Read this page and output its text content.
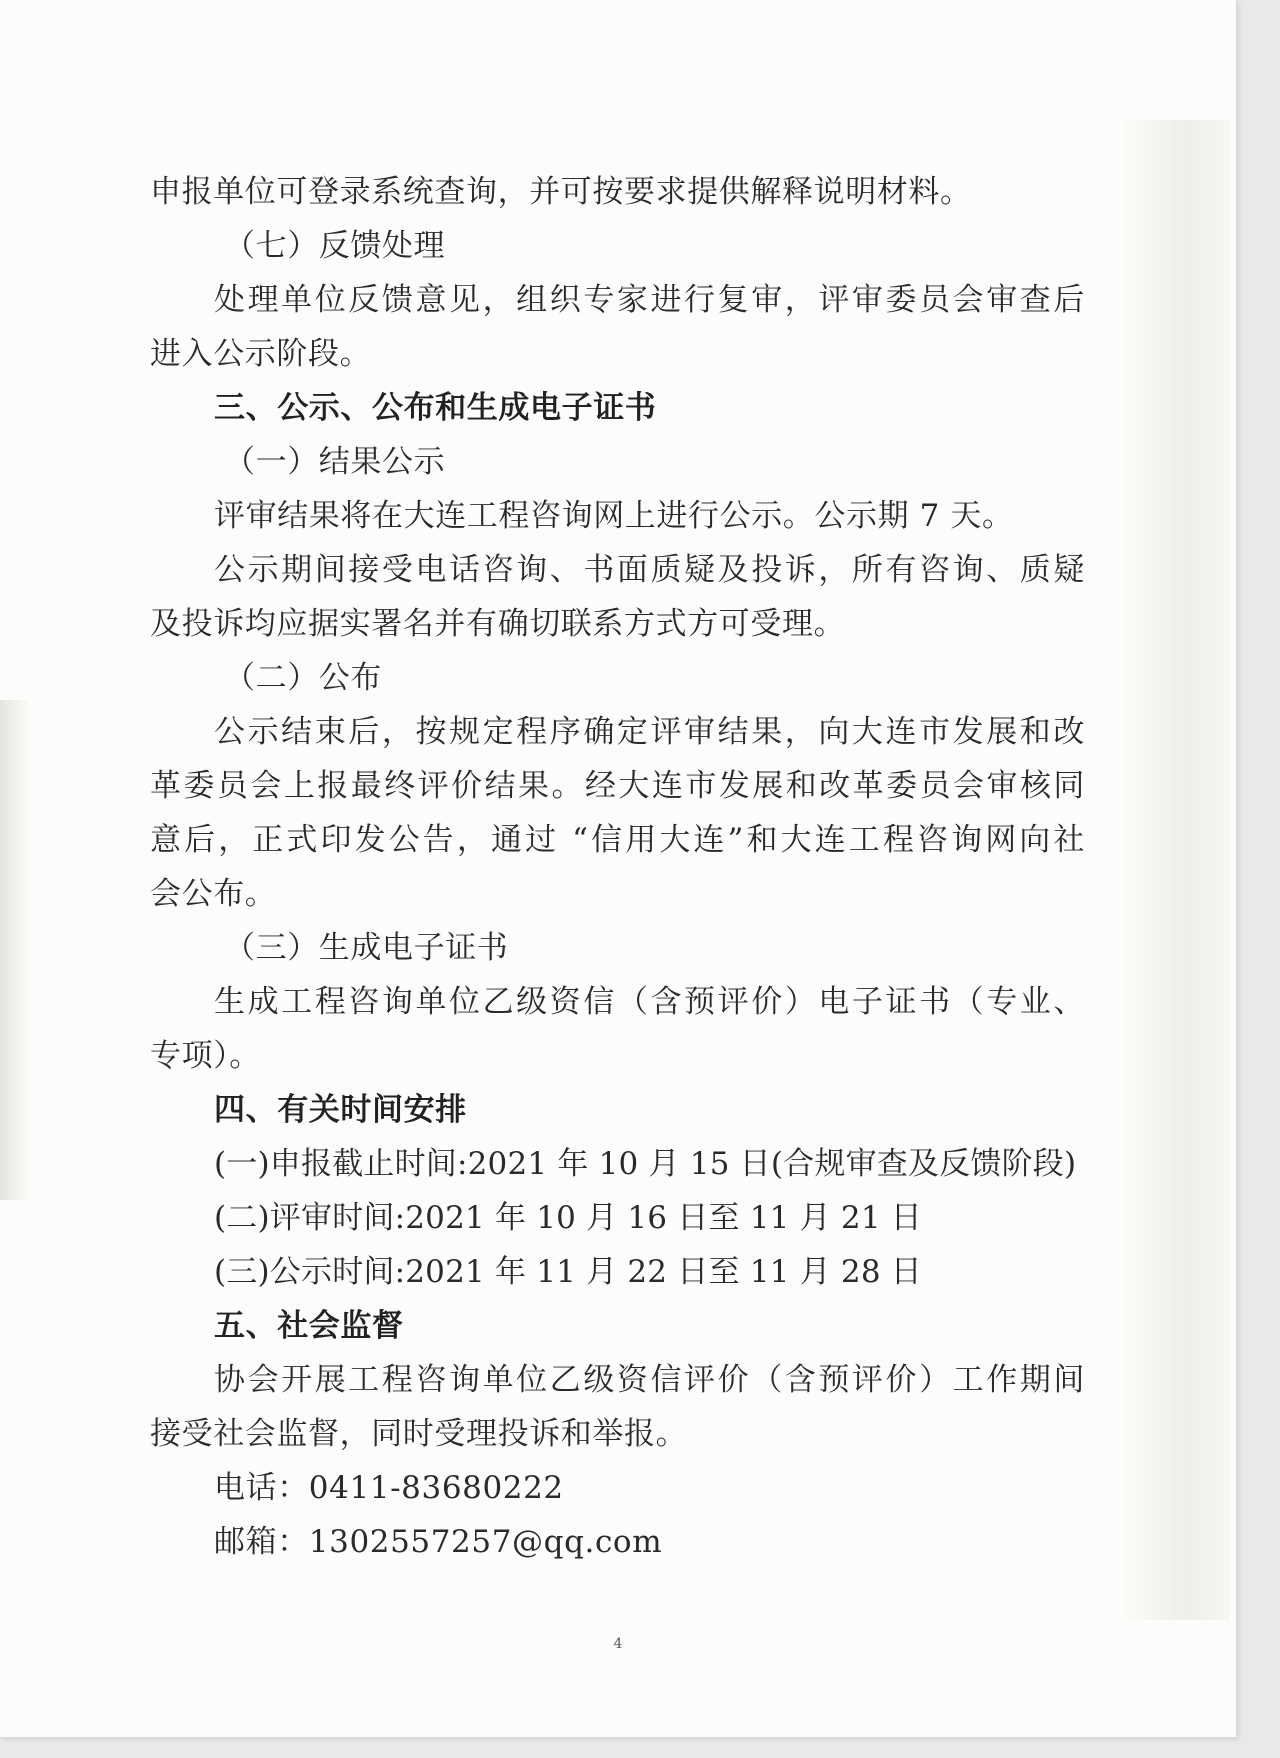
申报单位可登录系统查询，并可按要求提供解释说明材料。
（七）反馈处理
处理单位反馈意见，组织专家进行复审，评审委员会审查后
进入公示阶段。
三、公示、公布和生成电子证书
（一）结果公示
评审结果将在大连工程咨询网上进行公示。公示期 7 天。
公示期间接受电话咨询、书面质疑及投诉，所有咨询、质疑
及投诉均应据实署名并有确切联系方式方可受理。
（二）公布
公示结束后，按规定程序确定评审结果，向大连市发展和改
革委员会上报最终评价结果。经大连市发展和改革委员会审核同
意后，正式印发公告，通过 “信用大连”和大连工程咨询网向社
会公布。
（三）生成电子证书
生成工程咨询单位乙级资信（含预评价）电子证书（专业、
专项）。
四、有关时间安排
(一)申报截止时间:2021 年 10 月 15 日(合规审查及反馈阶段)
(二)评审时间:2021 年 10 月 16 日至 11 月 21 日
(三)公示时间:2021 年 11 月 22 日至 11 月 28 日
五、社会监督
协会开展工程咨询单位乙级资信评价（含预评价）工作期间
接受社会监督，同时受理投诉和举报。
电话：0411-83680222
邮箱：1302557257@qq.com
4
